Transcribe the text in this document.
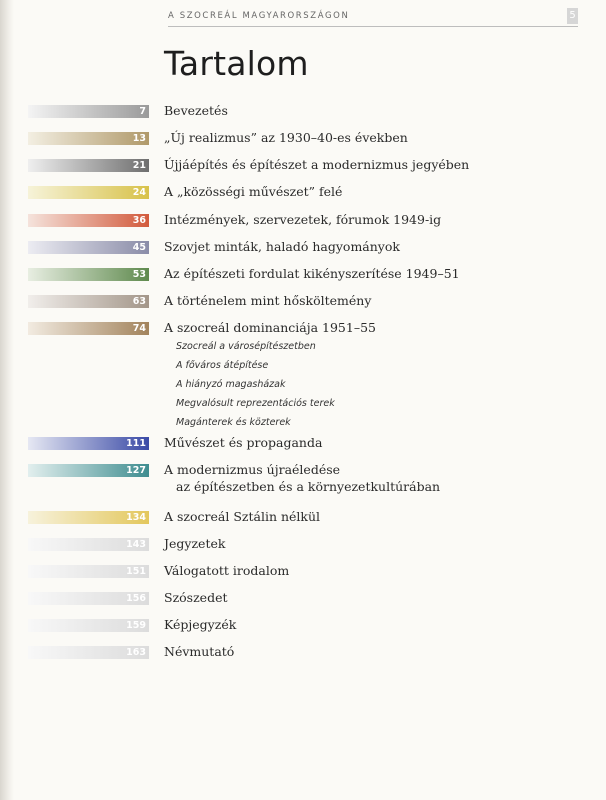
A SZOCREÁL MAGYARORSZÁGON	5
Tartalom
7 Bevezetés
13 „Új realizmus” az 1930–40-es években
21 Újjáépítés és építészet a modernizmus jegyében
24 A „közösségi művészet” felé
36 Intézmények, szervezetek, fórumok 1949-ig
45 Szovjet minták, haladó hagyományok
53 Az építészeti fordulat kikényszerítése 1949–51
63 A történelem mint hősköltemény
74 A szocreál dominanciája 1951–55
Szocreál a városépítészetben
A főváros átépítése
A hiányzó magasházak
Megvalósult reprezentációs terek
Magánterek és közterek
111 Művészet és propaganda
127 A modernizmus újraéledése
az építészetben és a környezetkultúrában
134 A szocreál Sztálin nélkül
143 Jegyzetek
151 Válogatott irodalom
156 Szószedet
159 Képjegyzék
163 Névmutató
